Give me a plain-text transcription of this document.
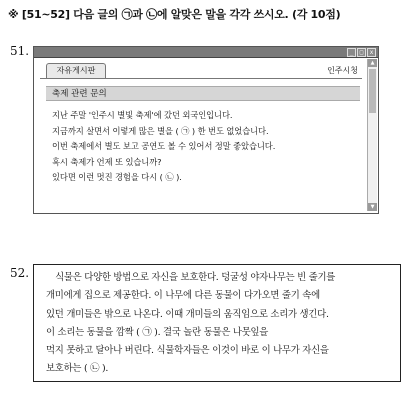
※ [51~52] 다음 글의 ㉠과 ㉡에 알맞은 말을 각각 쓰시오. (각 10점)
51.	_	□	x
자유게시판	인주시청
축제 관련 문의
지난 주말 '인주시 별빛 축제'에 갔던 외국인입니다.
지금까지 살면서 이렇게 많은 별을 ( ㉠ ) 한 번도 없었습니다.
이번 축제에서 별도 보고 공연도 볼 수 있어서 정말 좋았습니다.
혹시 축제가 언제 또 있습니까?
있다면 이런 멋진 경험을 다시 ( ㉡ ).
▲
▼
52. 　식물은 다양한 방법으로 자신을 보호한다. 덩굴성 야자나무는 빈 줄기를
개미에게 집으로 제공한다. 이 나무에 다른 동물이 다가오면 줄기 속에
있던 개미들은 밖으로 나온다. 이때 개미들의 움직임으로 소리가 생긴다.
이 소리는 동물을 깜짝 ( ㉠ ). 결국 놀란 동물은 나뭇잎을
먹지 못하고 달아나 버린다. 식물학자들은 이것이 바로 이 나무가 자신을
보호하는 ( ㉡ ).
